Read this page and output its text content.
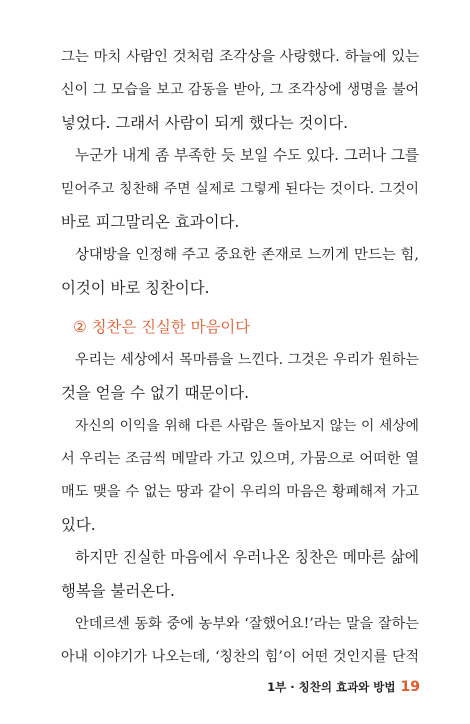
그는 마치 사람인 것처럼 조각상을 사랑했다. 하늘에 있는
신이 그 모습을 보고 감동을 받아, 그 조각상에 생명을 불어
넣었다. 그래서 사람이 되게 했다는 것이다.
누군가 내게 좀 부족한 듯 보일 수도 있다. 그러나 그를
믿어주고 칭찬해 주면 실제로 그렇게 된다는 것이다. 그것이
바로 피그말리온 효과이다.
상대방을 인정해 주고 중요한 존재로 느끼게 만드는 힘,
이것이 바로 칭찬이다.
② 칭찬은 진실한 마음이다
우리는 세상에서 목마름을 느낀다. 그것은 우리가 원하는
것을 얻을 수 없기 때문이다.
자신의 이익을 위해 다른 사람은 돌아보지 않는 이 세상에
서 우리는 조금씩 메말라 가고 있으며, 가뭄으로 어떠한 열
매도 맺을 수 없는 땅과 같이 우리의 마음은 황폐해져 가고
있다.
하지만 진실한 마음에서 우러나온 칭찬은 메마른 삶에
행복을 불러온다.
안데르센 동화 중에 농부와 ‘잘했어요!’라는 말을 잘하는
아내 이야기가 나오는데, ‘칭찬의 힘’이 어떤 것인지를 단적
1부 · 칭찬의 효과와 방법 19
